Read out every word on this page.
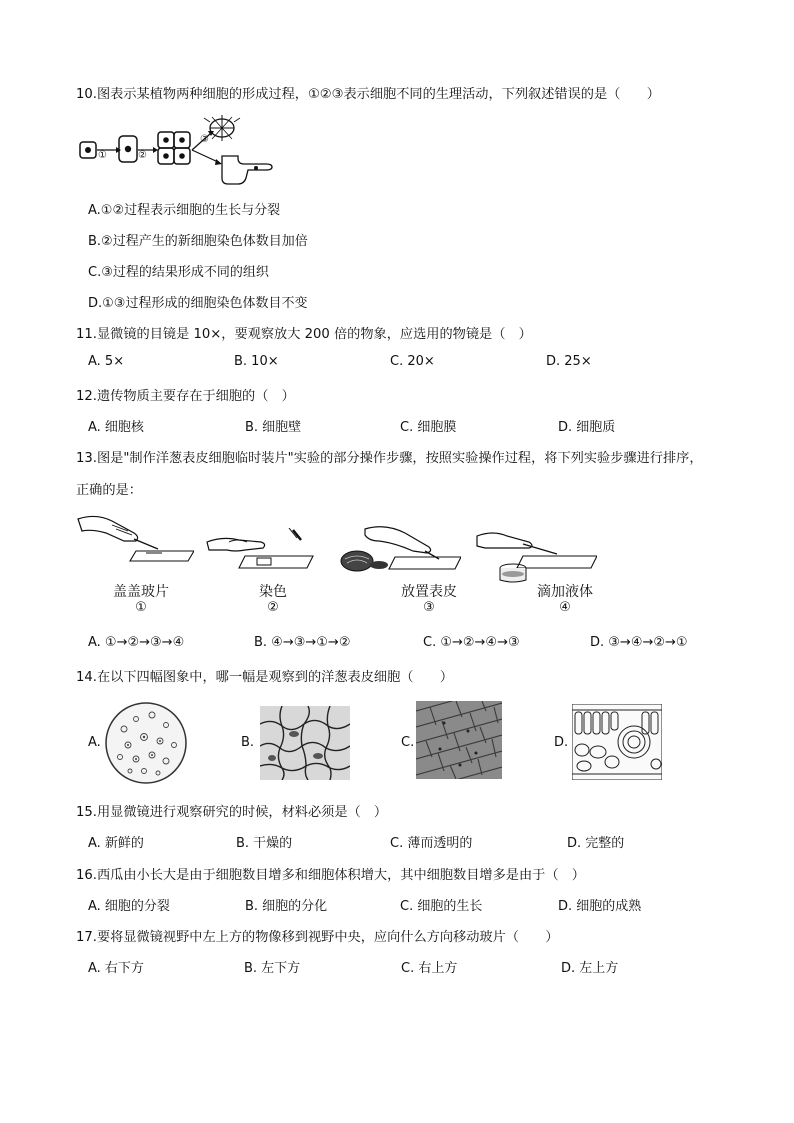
10.图表示某植物两种细胞的形成过程，①②③表示细胞不同的生理活动，下列叙述错误的是（　　）
①	②
③
A.①②过程表示细胞的生长与分裂
B.②过程产生的新细胞染色体数目加倍
C.③过程的结果形成不同的组织
D.①③过程形成的细胞染色体数目不变
11.显微镜的目镜是 10×，要观察放大 200 倍的物象，应选用的物镜是（　）
A. 5×	B. 10×	C. 20×	D. 25×
12.遗传物质主要存在于细胞的（　）
A. 细胞核	B. 细胞壁	C. 细胞膜	D. 细胞质
13.图是"制作洋葱表皮细胞临时装片"实验的部分操作步骤，按照实验操作过程，将下列实验步骤进行排序，
正确的是：
盖盖玻片
①
染色
②
放置表皮
③
滴加液体
④
A. ①→②→③→④	B. ④→③→①→②	C. ①→②→④→③	D. ③→④→②→①
14.在以下四幅图象中，哪一幅是观察到的洋葱表皮细胞（　　）
A.	B.	C.	D.
15.用显微镜进行观察研究的时候，材料必须是（　）
A. 新鲜的	B. 干燥的	C. 薄而透明的	D. 完整的
16.西瓜由小长大是由于细胞数目增多和细胞体积增大，其中细胞数目增多是由于（　）
A. 细胞的分裂	B. 细胞的分化	C. 细胞的生长	D. 细胞的成熟
17.要将显微镜视野中左上方的物像移到视野中央，应向什么方向移动玻片（　　）
A. 右下方	B. 左下方	C. 右上方	D. 左上方
